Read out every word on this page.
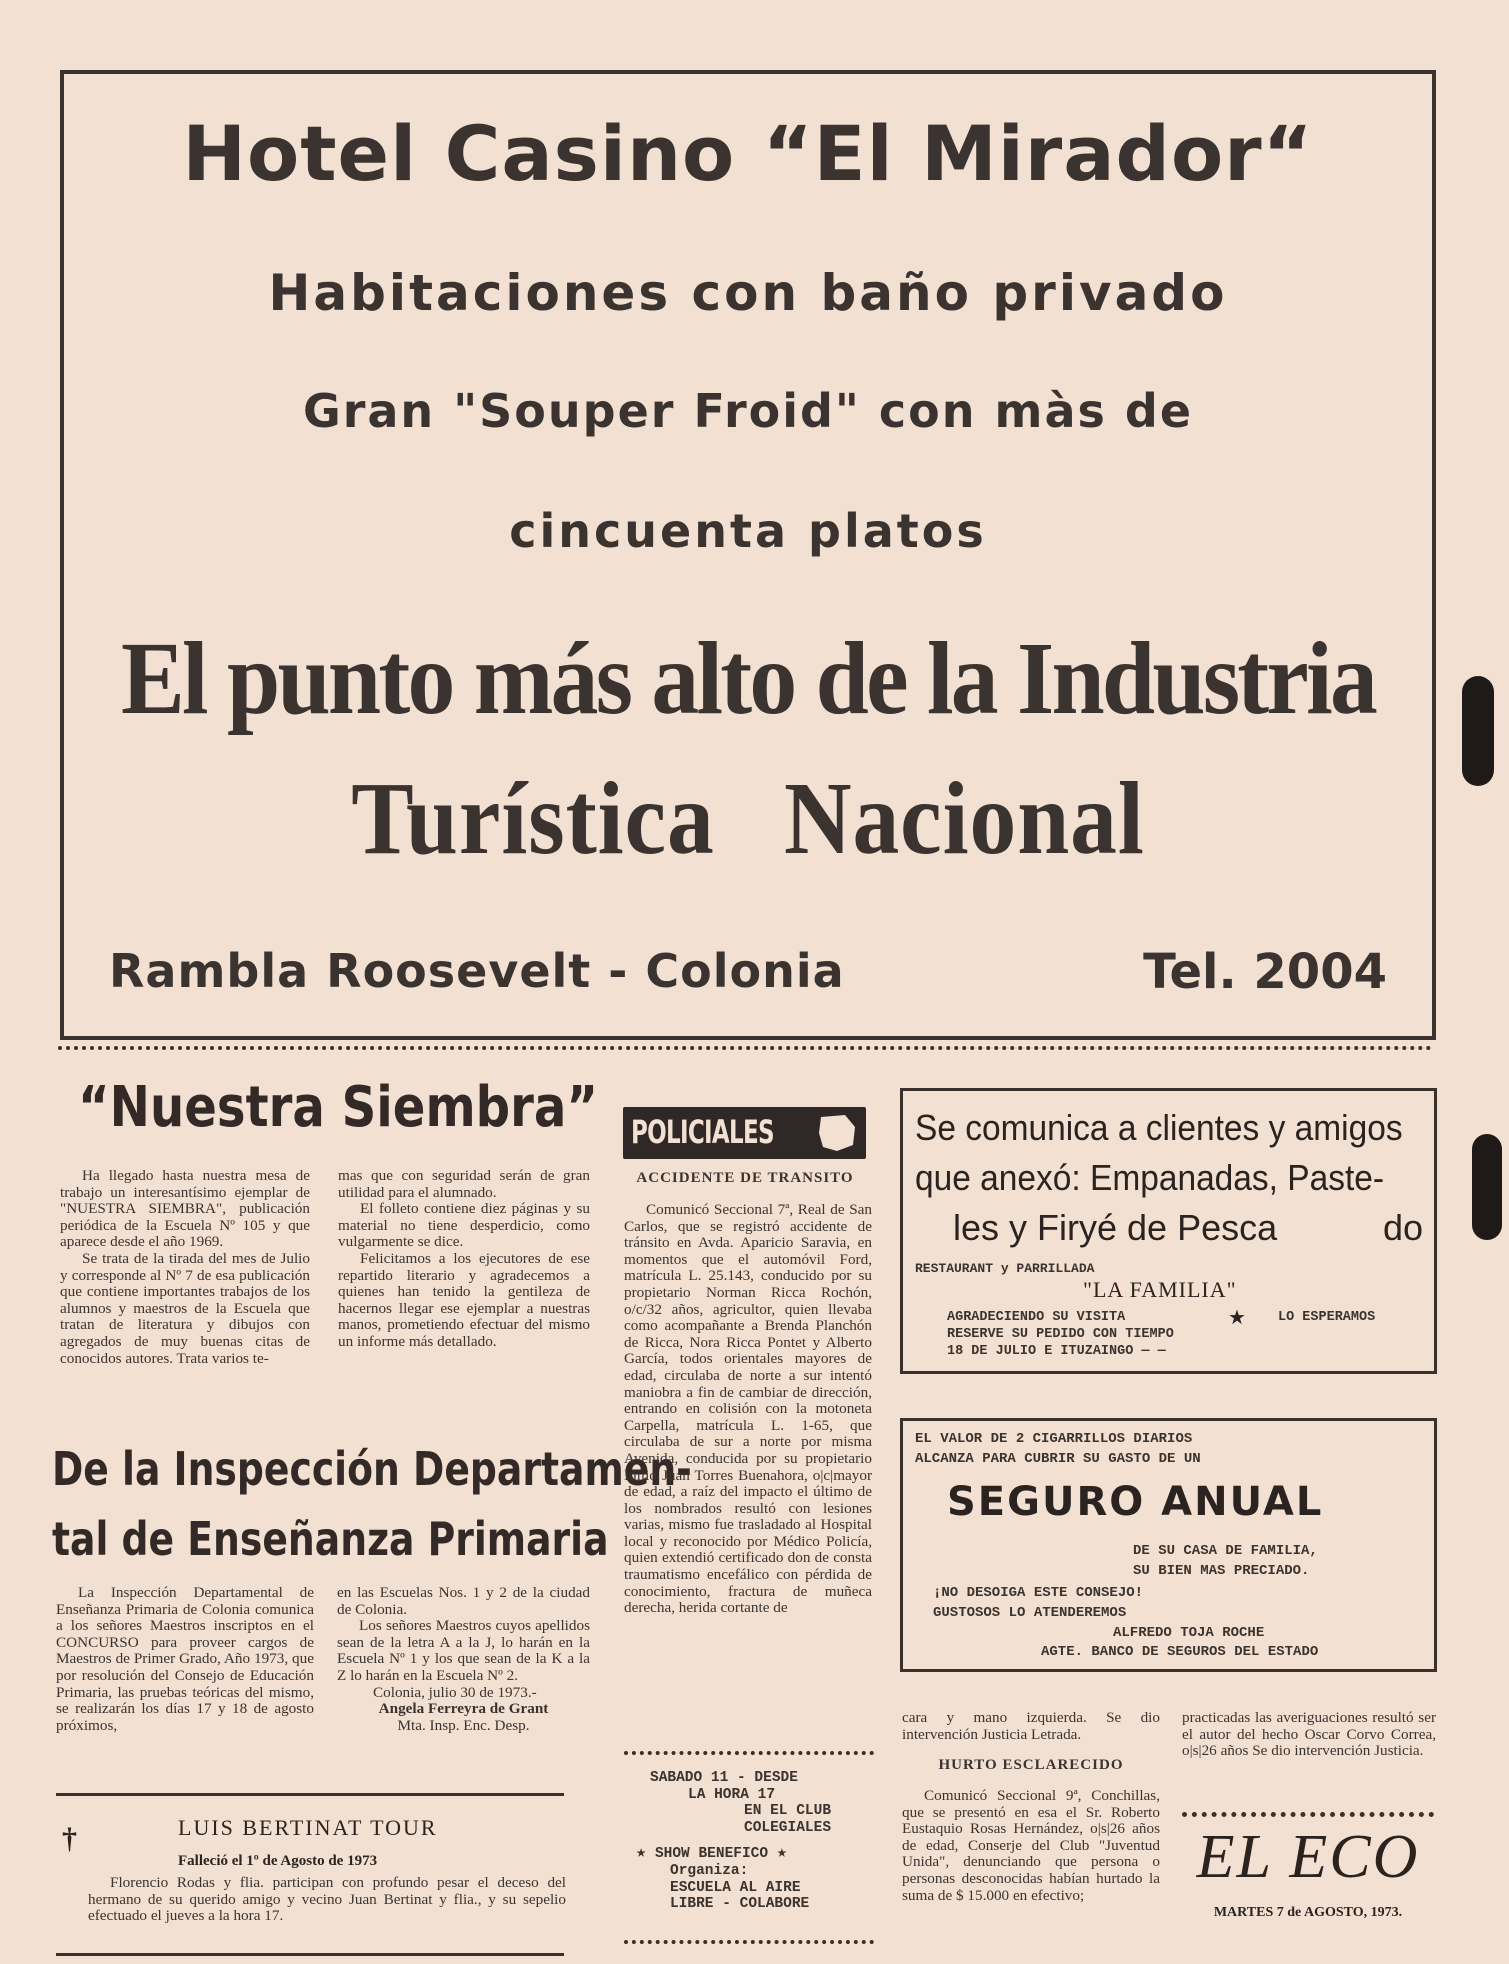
Hotel Casino “El Mirador“
Habitaciones con baño privado
Gran "Souper Froid" con màs de
cincuenta platos
El punto más alto de la Industria
Turística Nacional
Rambla Roosevelt - Colonia	Tel. 2004
“Nuestra Siembra”

Ha llegado hasta nuestra mesa de trabajo un interesantísimo ejemplar de "NUESTRA SIEMBRA", publicación periódica de la Escuela Nº 105 y que aparece desde el año 1969.

Se trata de la tirada del mes de Julio y corresponde al Nº 7 de esa publicación que contiene importantes trabajos de los alumnos y maestros de la Escuela que tratan de literatura y dibujos con agregados de muy buenas citas de conocidos autores. Trata varios te-

mas que con seguridad serán de gran utilidad para el alumnado.

El folleto contiene diez páginas y su material no tiene desperdicio, como vulgarmente se dice.

Felicitamos a los ejecutores de ese repartido literario y agradecemos a quienes han tenido la gentileza de hacernos llegar ese ejemplar a nuestras manos, prometiendo efectuar del mismo un informe más detallado.

De la Inspección Departamen-
tal de Enseñanza Primaria

La Inspección Departamental de Enseñanza Primaria de Colonia comunica a los señores Maestros inscriptos en el CONCURSO para proveer cargos de Maestros de Primer Grado, Año 1973, que por resolución del Consejo de Educación Primaria, las pruebas teóricas del mismo, se realizarán los días 17 y 18 de agosto próximos,

en las Escuelas Nos. 1 y 2 de la ciudad de Colonia.

Los señores Maestros cuyos apellidos sean de la letra A a la J, lo harán en la Escuela Nº 1 y los que sean de la K a la Z lo harán en la Escuela Nº 2.

Colonia, julio 30 de 1973.-

Angela Ferreyra de Grant

Mta. Insp. Enc. Desp.

†	LUIS BERTINAT TOUR
Falleció el 1º de Agosto de 1973

Florencio Rodas y flia. participan con profundo pesar el deceso del hermano de su querido amigo y vecino Juan Bertinat y flia., y su sepelio efectuado el jueves a la hora 17.

POLICIALES
ACCIDENTE DE TRANSITO

Comunicó Seccional 7ª, Real de San Carlos, que se registró accidente de tránsito en Avda. Aparicio Saravia, en momentos que el automóvil Ford, matrícula L. 25.143, conducido por su propietario Norman Ricca Rochón, o/c/32 años, agricultor, quien llevaba como acompañante a Brenda Planchón de Ricca, Nora Ricca Pontet y Alberto García, todos orientales mayores de edad, circulaba de norte a sur intentó maniobra a fin de cambiar de dirección, entrando en colisión con la motoneta Carpella, matrícula L. 1-65, que circulaba de sur a norte por misma Avenida, conducida por su propietario Idilio Juan Torres Buenahora, o|c|mayor de edad, a raíz del impacto el último de los nombrados resultó con lesiones varias, mismo fue trasladado al Hospital local y reconocido por Médico Policía, quien extendió certificado don de consta traumatismo encefálico con pérdida de conocimiento, fractura de muñeca derecha, herida cortante de

SABADO 11 - DESDE
LA HORA 17
EN EL CLUB
COLEGIALES
★ SHOW BENEFICO ★
Organiza:
ESCUELA AL AIRE
LIBRE - COLABORE
Se comunica a clientes y amigos
que anexó: Empanadas, Paste-
les y Firyé de Pesca	do
RESTAURANT y PARRILLADA
"LA FAMILIA"
AGRADECIENDO SU VISITA	★ LO ESPERAMOS
RESERVE SU PEDIDO CON TIEMPO
18 DE JULIO E ITUZAINGO — —
EL VALOR DE 2 CIGARRILLOS DIARIOS
ALCANZA PARA CUBRIR SU GASTO DE UN
SEGURO ANUAL
DE SU CASA DE FAMILIA,
SU BIEN MAS PRECIADO.
¡NO DESOIGA ESTE CONSEJO!
GUSTOSOS LO ATENDEREMOS
ALFREDO TOJA ROCHE
AGTE. BANCO DE SEGUROS DEL ESTADO

cara y mano izquierda. Se dio intervención Justicia Letrada.

HURTO ESCLARECIDO

Comunicó Seccional 9ª, Conchillas, que se presentó en esa el Sr. Roberto Eustaquio Rosas Hernández, o|s|26 años de edad, Conserje del Club "Juventud Unida", denunciando que persona o personas desconocidas habían hurtado la suma de $ 15.000 en efectivo;

practicadas las averiguaciones resultó ser el autor del hecho Oscar Corvo Correa, o|s|26 años Se dio intervención Justicia.

EL ECO
MARTES 7 de AGOSTO, 1973.
